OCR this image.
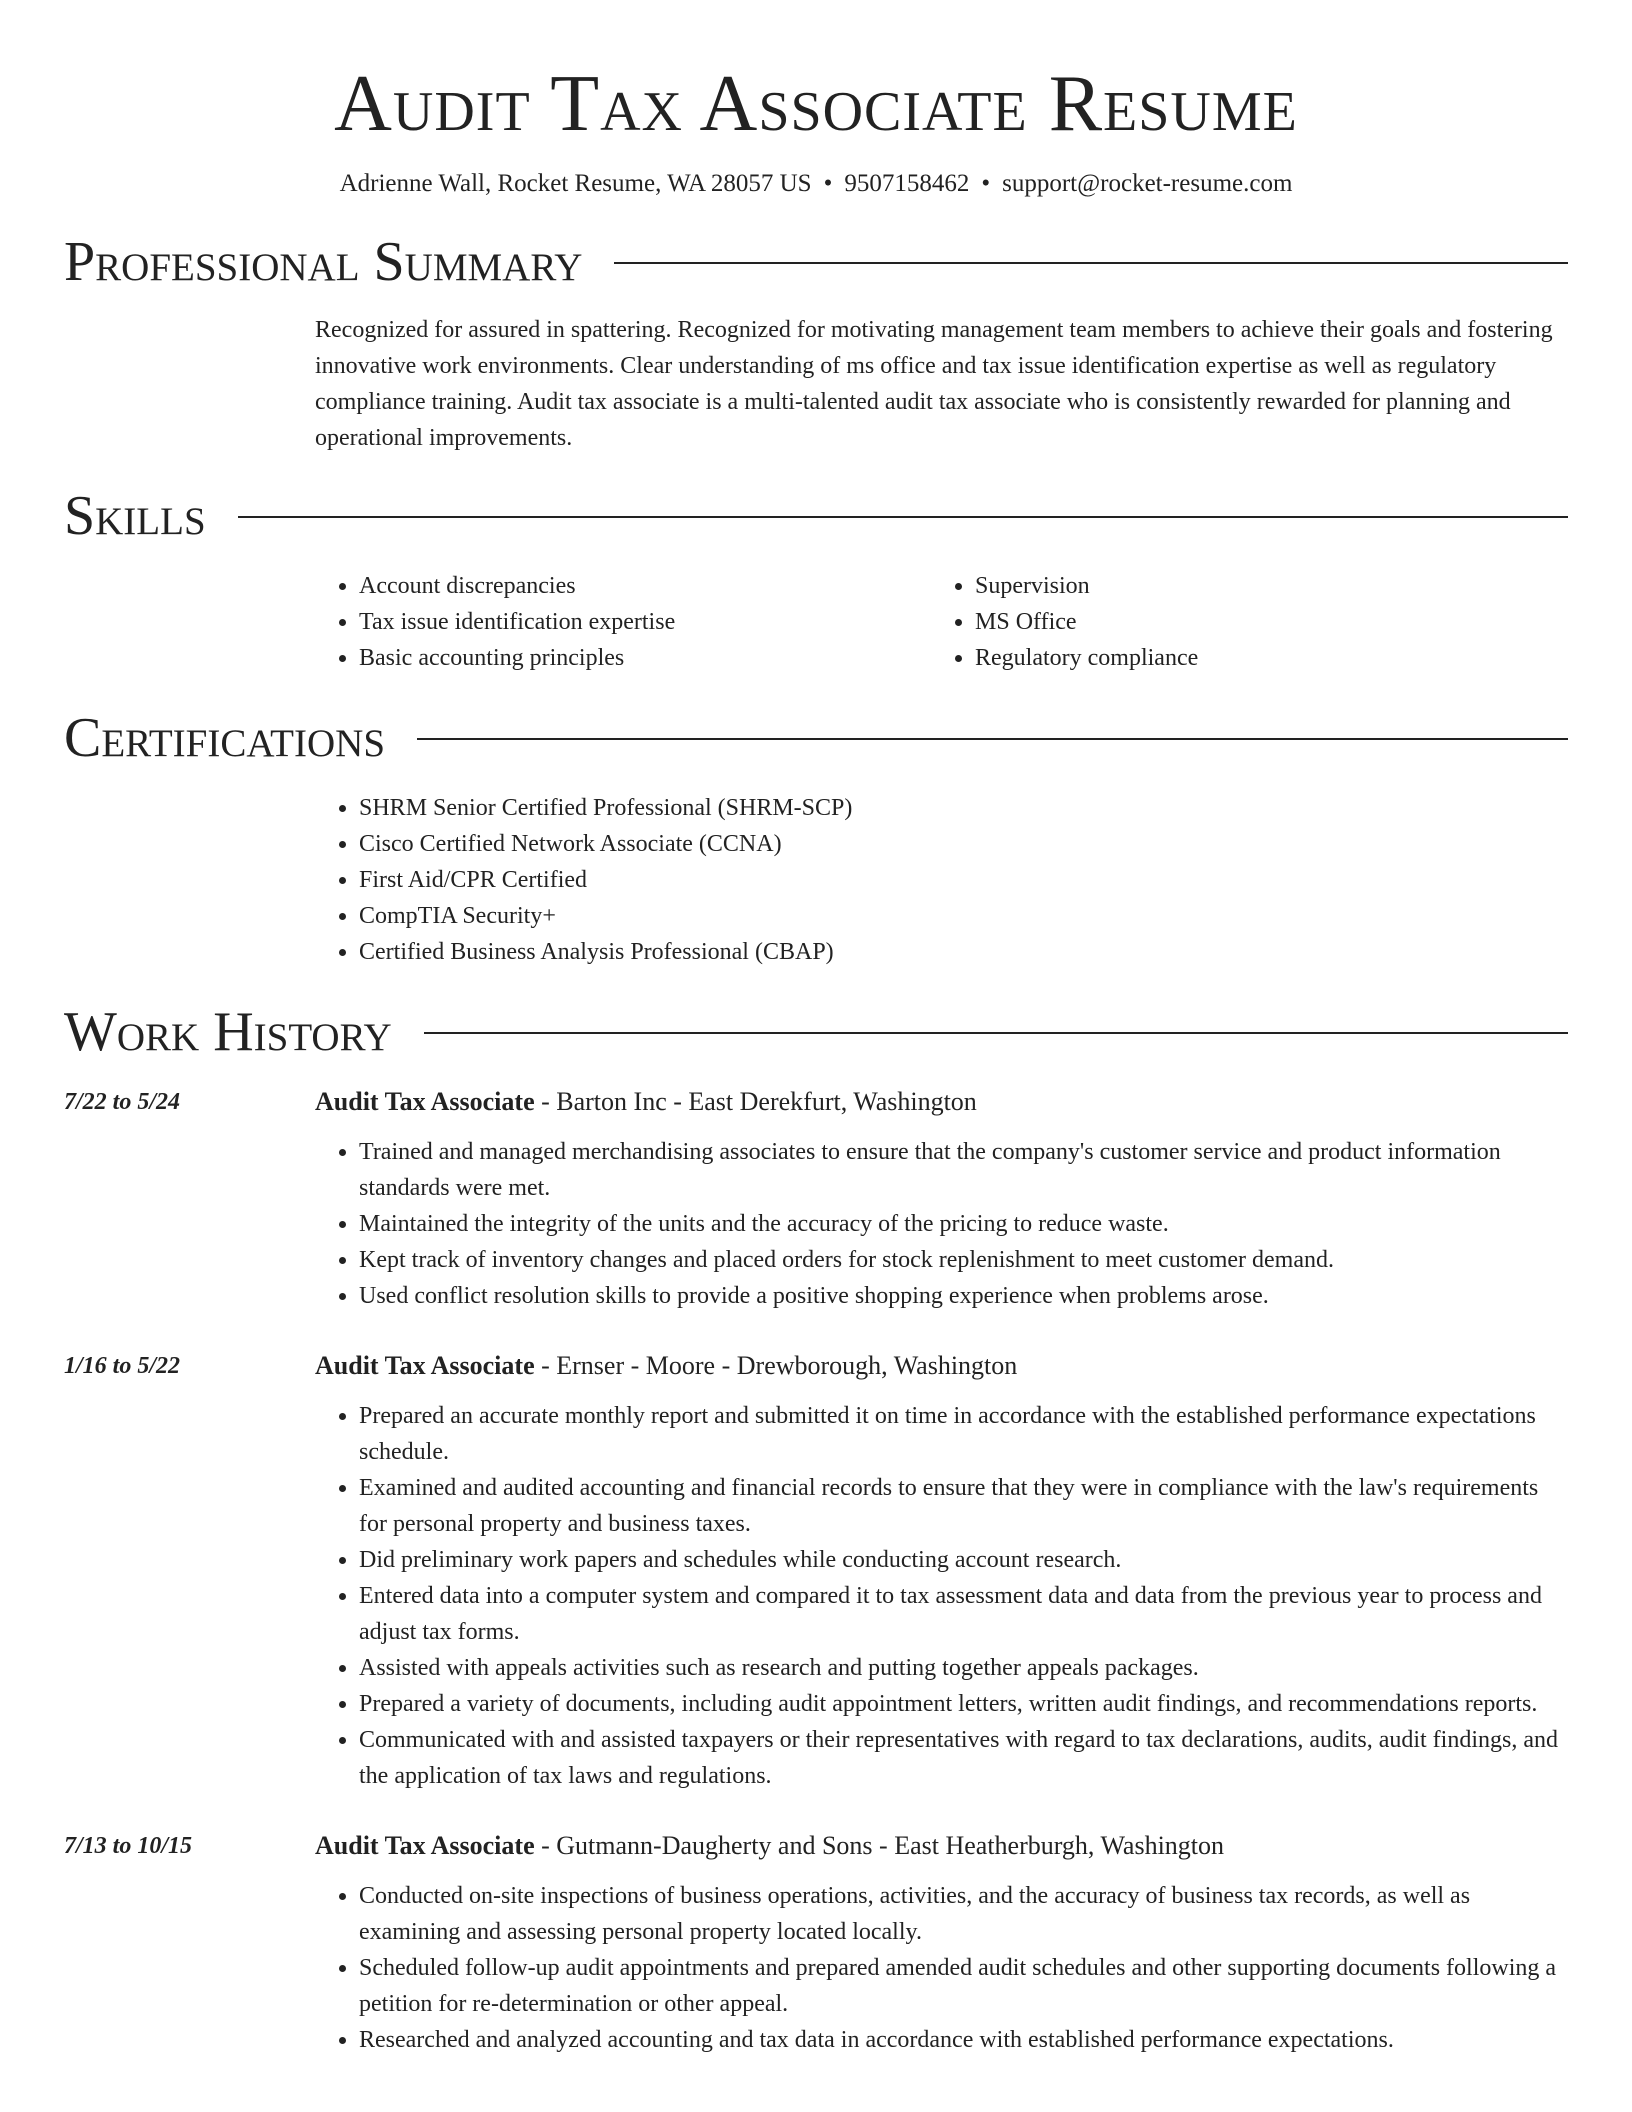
Audit Tax Associate Resume
Adrienne Wall, Rocket Resume, WA 28057 US • 9507158462 • support@rocket-resume.com
Professional Summary

Recognized for assured in spattering. Recognized for motivating management team members to achieve their goals and fostering innovative work environments. Clear understanding of ms office and tax issue identification expertise as well as regulatory compliance training. Audit tax associate is a multi-talented audit tax associate who is consistently rewarded for planning and operational improvements.

Skills
• Account discrepancies
• Tax issue identification expertise
• Basic accounting principles
• Supervision
• MS Office
• Regulatory compliance
Certifications
• SHRM Senior Certified Professional (SHRM-SCP)
• Cisco Certified Network Associate (CCNA)
• First Aid/CPR Certified
• CompTIA Security+
• Certified Business Analysis Professional (CBAP)
Work History
7/22 to 5/24	Audit Tax Associate - Barton Inc - East Derekfurt, Washington
• Trained and managed merchandising associates to ensure that the company's customer service and product information standards were met.
• Maintained the integrity of the units and the accuracy of the pricing to reduce waste.
• Kept track of inventory changes and placed orders for stock replenishment to meet customer demand.
• Used conflict resolution skills to provide a positive shopping experience when problems arose.
1/16 to 5/22	Audit Tax Associate - Ernser - Moore - Drewborough, Washington
• Prepared an accurate monthly report and submitted it on time in accordance with the established performance expectations schedule.
• Examined and audited accounting and financial records to ensure that they were in compliance with the law's requirements for personal property and business taxes.
• Did preliminary work papers and schedules while conducting account research.
• Entered data into a computer system and compared it to tax assessment data and data from the previous year to process and adjust tax forms.
• Assisted with appeals activities such as research and putting together appeals packages.
• Prepared a variety of documents, including audit appointment letters, written audit findings, and recommendations reports.
• Communicated with and assisted taxpayers or their representatives with regard to tax declarations, audits, audit findings, and the application of tax laws and regulations.
7/13 to 10/15	Audit Tax Associate - Gutmann-Daugherty and Sons - East Heatherburgh, Washington
• Conducted on-site inspections of business operations, activities, and the accuracy of business tax records, as well as examining and assessing personal property located locally.
• Scheduled follow-up audit appointments and prepared amended audit schedules and other supporting documents following a petition for re-determination or other appeal.
• Researched and analyzed accounting and tax data in accordance with established performance expectations.
